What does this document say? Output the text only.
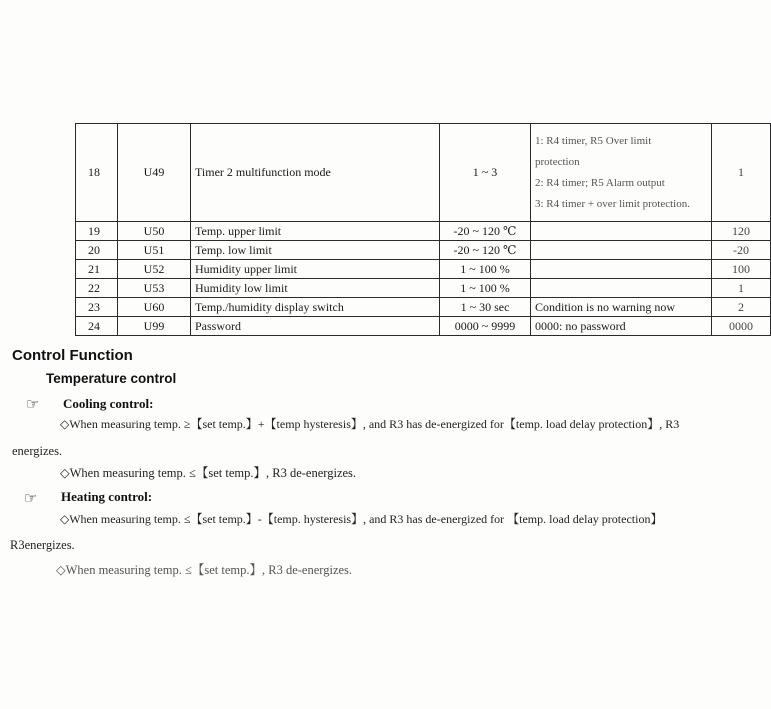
18	U49	Timer 2 multifunction mode	1 ~ 3	1: R4 timer, R5 Over limit
protection
2: R4 timer; R5 Alarm output
3: R4 timer + over limit protection.	1
19	U50	Temp. upper limit	-20 ~ 120 ℃		120
20	U51	Temp. low limit	-20 ~ 120 ℃		-20
21	U52	Humidity upper limit	1 ~ 100 %		100
22	U53	Humidity low limit	1 ~ 100 %		1
23	U60	Temp./humidity display switch	1 ~ 30 sec	Condition is no warning now	2
24	U99	Password	0000 ~ 9999	0000: no password	0000
Control Function
Temperature control
☞ Cooling control:
◇When measuring temp. ≥【set temp.】+【temp hysteresis】, and R3 has de-energized for【temp. load delay protection】, R3
energizes.
◇When measuring temp. ≤【set temp.】, R3 de-energizes.
☞ Heating control:
◇When measuring temp. ≤【set temp.】-【temp. hysteresis】, and R3 has de-energized for 【temp. load delay protection】
R3energizes.
◇When measuring temp. ≤【set temp.】, R3 de-energizes.
